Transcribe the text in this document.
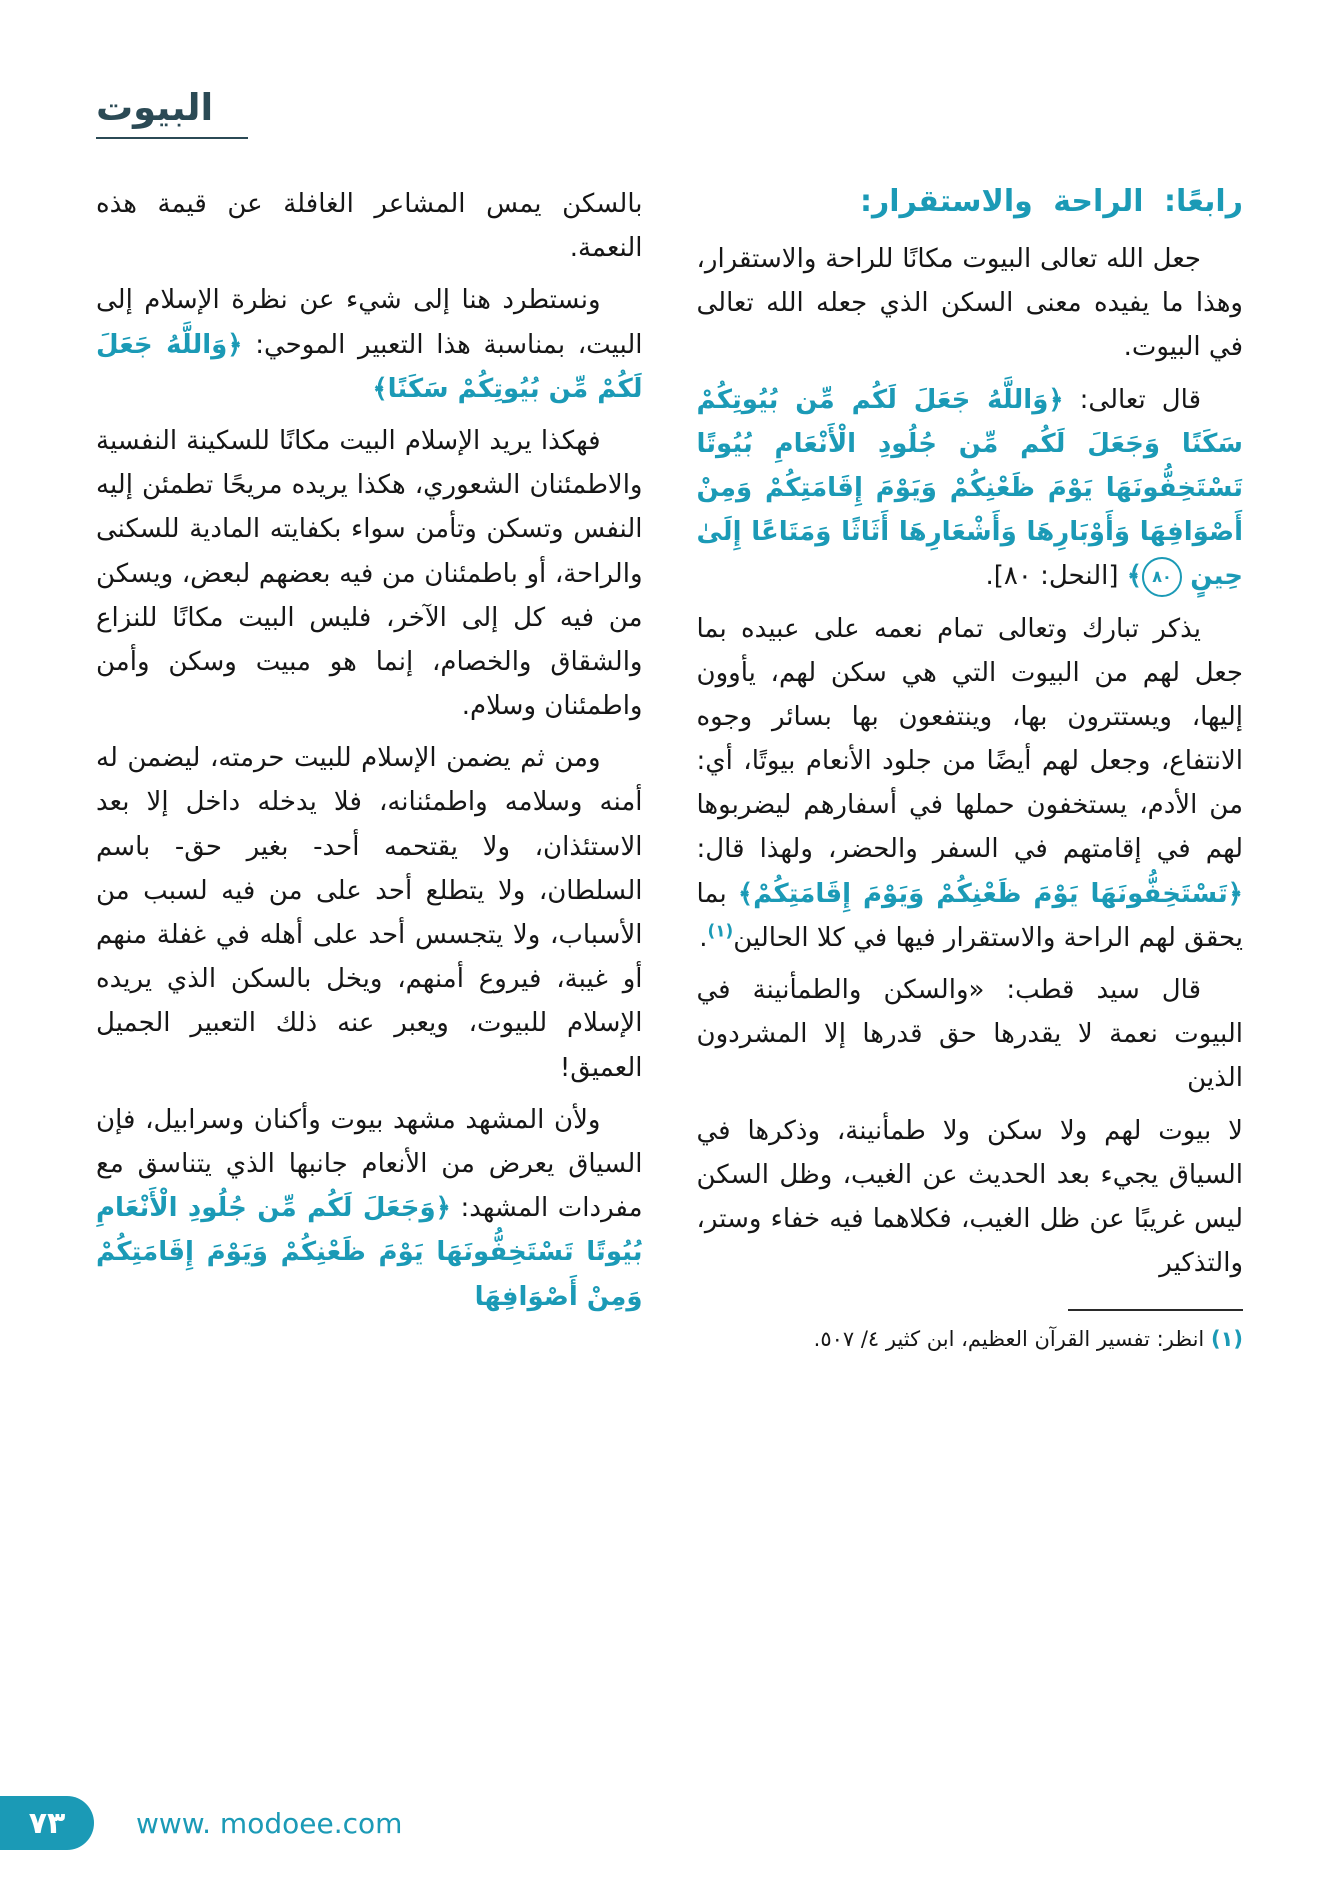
البيوت
رابعًا: الراحة والاستقرار:

جعل الله تعالى البيوت مكانًا للراحة والاستقرار، وهذا ما يفيده معنى السكن الذي جعله الله تعالى في البيوت.

قال تعالى: ﴿وَاللَّهُ جَعَلَ لَكُم مِّن بُيُوتِكُمْ سَكَنًا وَجَعَلَ لَكُم مِّن جُلُودِ الْأَنْعَامِ بُيُوتًا تَسْتَخِفُّونَهَا يَوْمَ ظَعْنِكُمْ وَيَوْمَ إِقَامَتِكُمْ وَمِنْ أَصْوَافِهَا وَأَوْبَارِهَا وَأَشْعَارِهَا أَثَاثًا وَمَتَاعًا إِلَىٰ حِينٍ ٨٠﴾ [النحل: ٨٠].

يذكر تبارك وتعالى تمام نعمه على عبيده بما جعل لهم من البيوت التي هي سكن لهم، يأوون إليها، ويستترون بها، وينتفعون بها بسائر وجوه الانتفاع، وجعل لهم أيضًا من جلود الأنعام بيوتًا، أي: من الأدم، يستخفون حملها في أسفارهم ليضربوها لهم في إقامتهم في السفر والحضر، ولهذا قال: ﴿تَسْتَخِفُّونَهَا يَوْمَ ظَعْنِكُمْ وَيَوْمَ إِقَامَتِكُمْ﴾ بما يحقق لهم الراحة والاستقرار فيها في كلا الحالين$^{(١)}$.

قال سيد قطب: «والسكن والطمأنينة في البيوت نعمة لا يقدرها حق قدرها إلا المشردون الذين

لا بيوت لهم ولا سكن ولا طمأنينة، وذكرها في السياق يجيء بعد الحديث عن الغيب، وظل السكن ليس غريبًا عن ظل الغيب، فكلاهما فيه خفاء وستر، والتذكير

(١) انظر: تفسير القرآن العظيم، ابن كثير ٤/ ٥٠٧.

بالسكن يمس المشاعر الغافلة عن قيمة هذه النعمة.

ونستطرد هنا إلى شيء عن نظرة الإسلام إلى البيت، بمناسبة هذا التعبير الموحي: ﴿وَاللَّهُ جَعَلَ لَكُمْ مِّن بُيُوتِكُمْ سَكَنًا﴾

فهكذا يريد الإسلام البيت مكانًا للسكينة النفسية والاطمئنان الشعوري، هكذا يريده مريحًا تطمئن إليه النفس وتسكن وتأمن سواء بكفايته المادية للسكنى والراحة، أو باطمئنان من فيه بعضهم لبعض، ويسكن من فيه كل إلى الآخر، فليس البيت مكانًا للنزاع والشقاق والخصام، إنما هو مبيت وسكن وأمن واطمئنان وسلام.

ومن ثم يضمن الإسلام للبيت حرمته، ليضمن له أمنه وسلامه واطمئنانه، فلا يدخله داخل إلا بعد الاستئذان، ولا يقتحمه أحد- بغير حق- باسم السلطان، ولا يتطلع أحد على من فيه لسبب من الأسباب، ولا يتجسس أحد على أهله في غفلة منهم أو غيبة، فيروع أمنهم، ويخل بالسكن الذي يريده الإسلام للبيوت، ويعبر عنه ذلك التعبير الجميل العميق!

ولأن المشهد مشهد بيوت وأكنان وسرابيل، فإن السياق يعرض من الأنعام جانبها الذي يتناسق مع مفردات المشهد: ﴿وَجَعَلَ لَكُم مِّن جُلُودِ الْأَنْعَامِ بُيُوتًا تَسْتَخِفُّونَهَا يَوْمَ ظَعْنِكُمْ وَيَوْمَ إِقَامَتِكُمْ وَمِنْ أَصْوَافِهَا

٧٣	www. modoee.com
